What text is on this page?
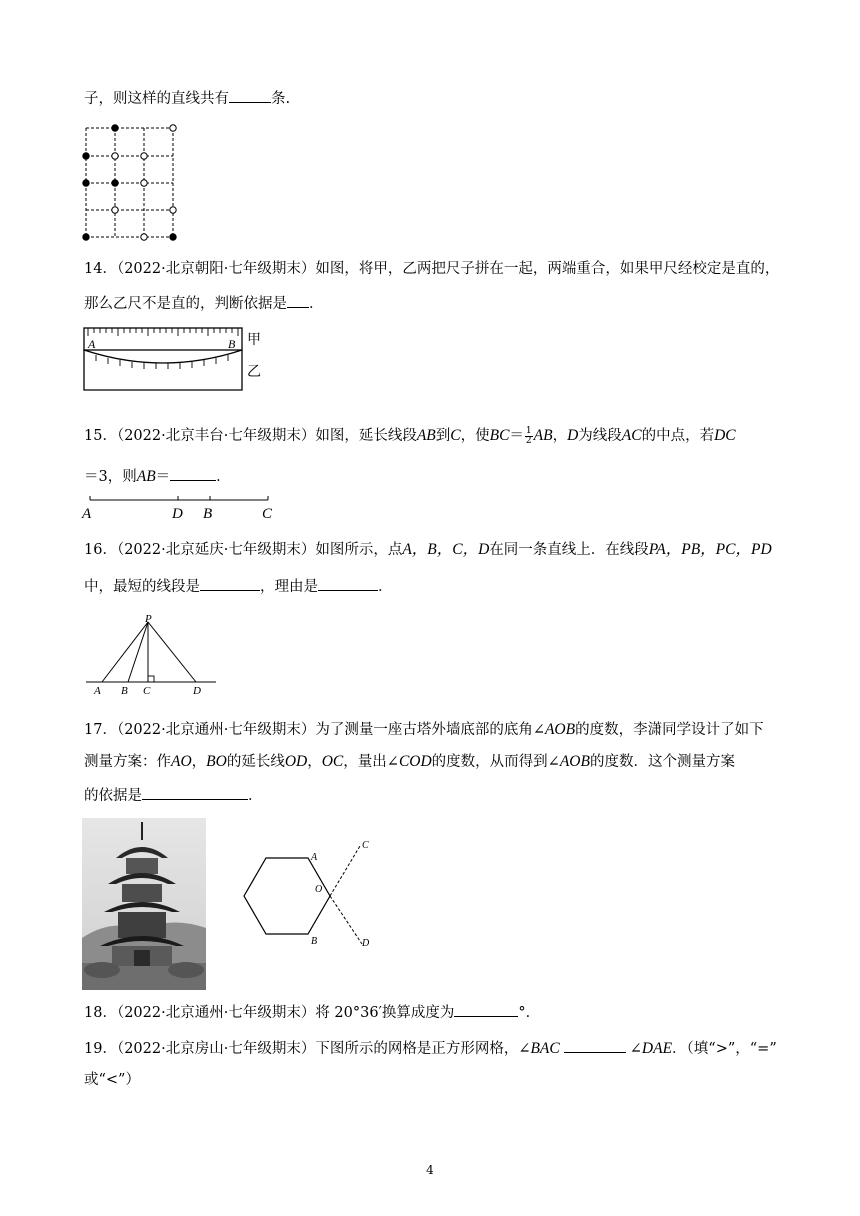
子，则这样的直线共有	条.
14．（2022·北京朝阳·七年级期末）如图，将甲，乙两把尺子拼在一起，两端重合，如果甲尺经校定是直的，
那么乙尺不是直的，判断依据是 ．
A	B 甲
乙
15．（2022·北京丰台·七年级期末）如图，延长线段AB到C，使$BC= \frac{1}{2}$ AB，D为线段AC的中点，若DC
＝3，则AB＝	．
A	D B	C
16．（2022·北京延庆·七年级期末）如图所示，点A，B，C，D在同一条直线上．在线段PA，PB，PC，PD
中，最短的线段是	，理由是	．
P
A B C	D
17．（2022·北京通州·七年级期末）为了测量一座古塔外墙底部的底角∠AOB的度数，李潇同学设计了如下
测量方案：作AO，BO的延长线OD，OC，量出∠COD的度数，从而得到∠AOB的度数．这个测量方案
的依据是	．
A
O
B
C
D
18．（2022·北京通州·七年级期末）将 20°36′换算成度为	°．
19．（2022·北京房山·七年级期末）下图所示的网格是正方形网格，∠BAC	∠DAE．（填“>”，“=”
或“<”）
4
